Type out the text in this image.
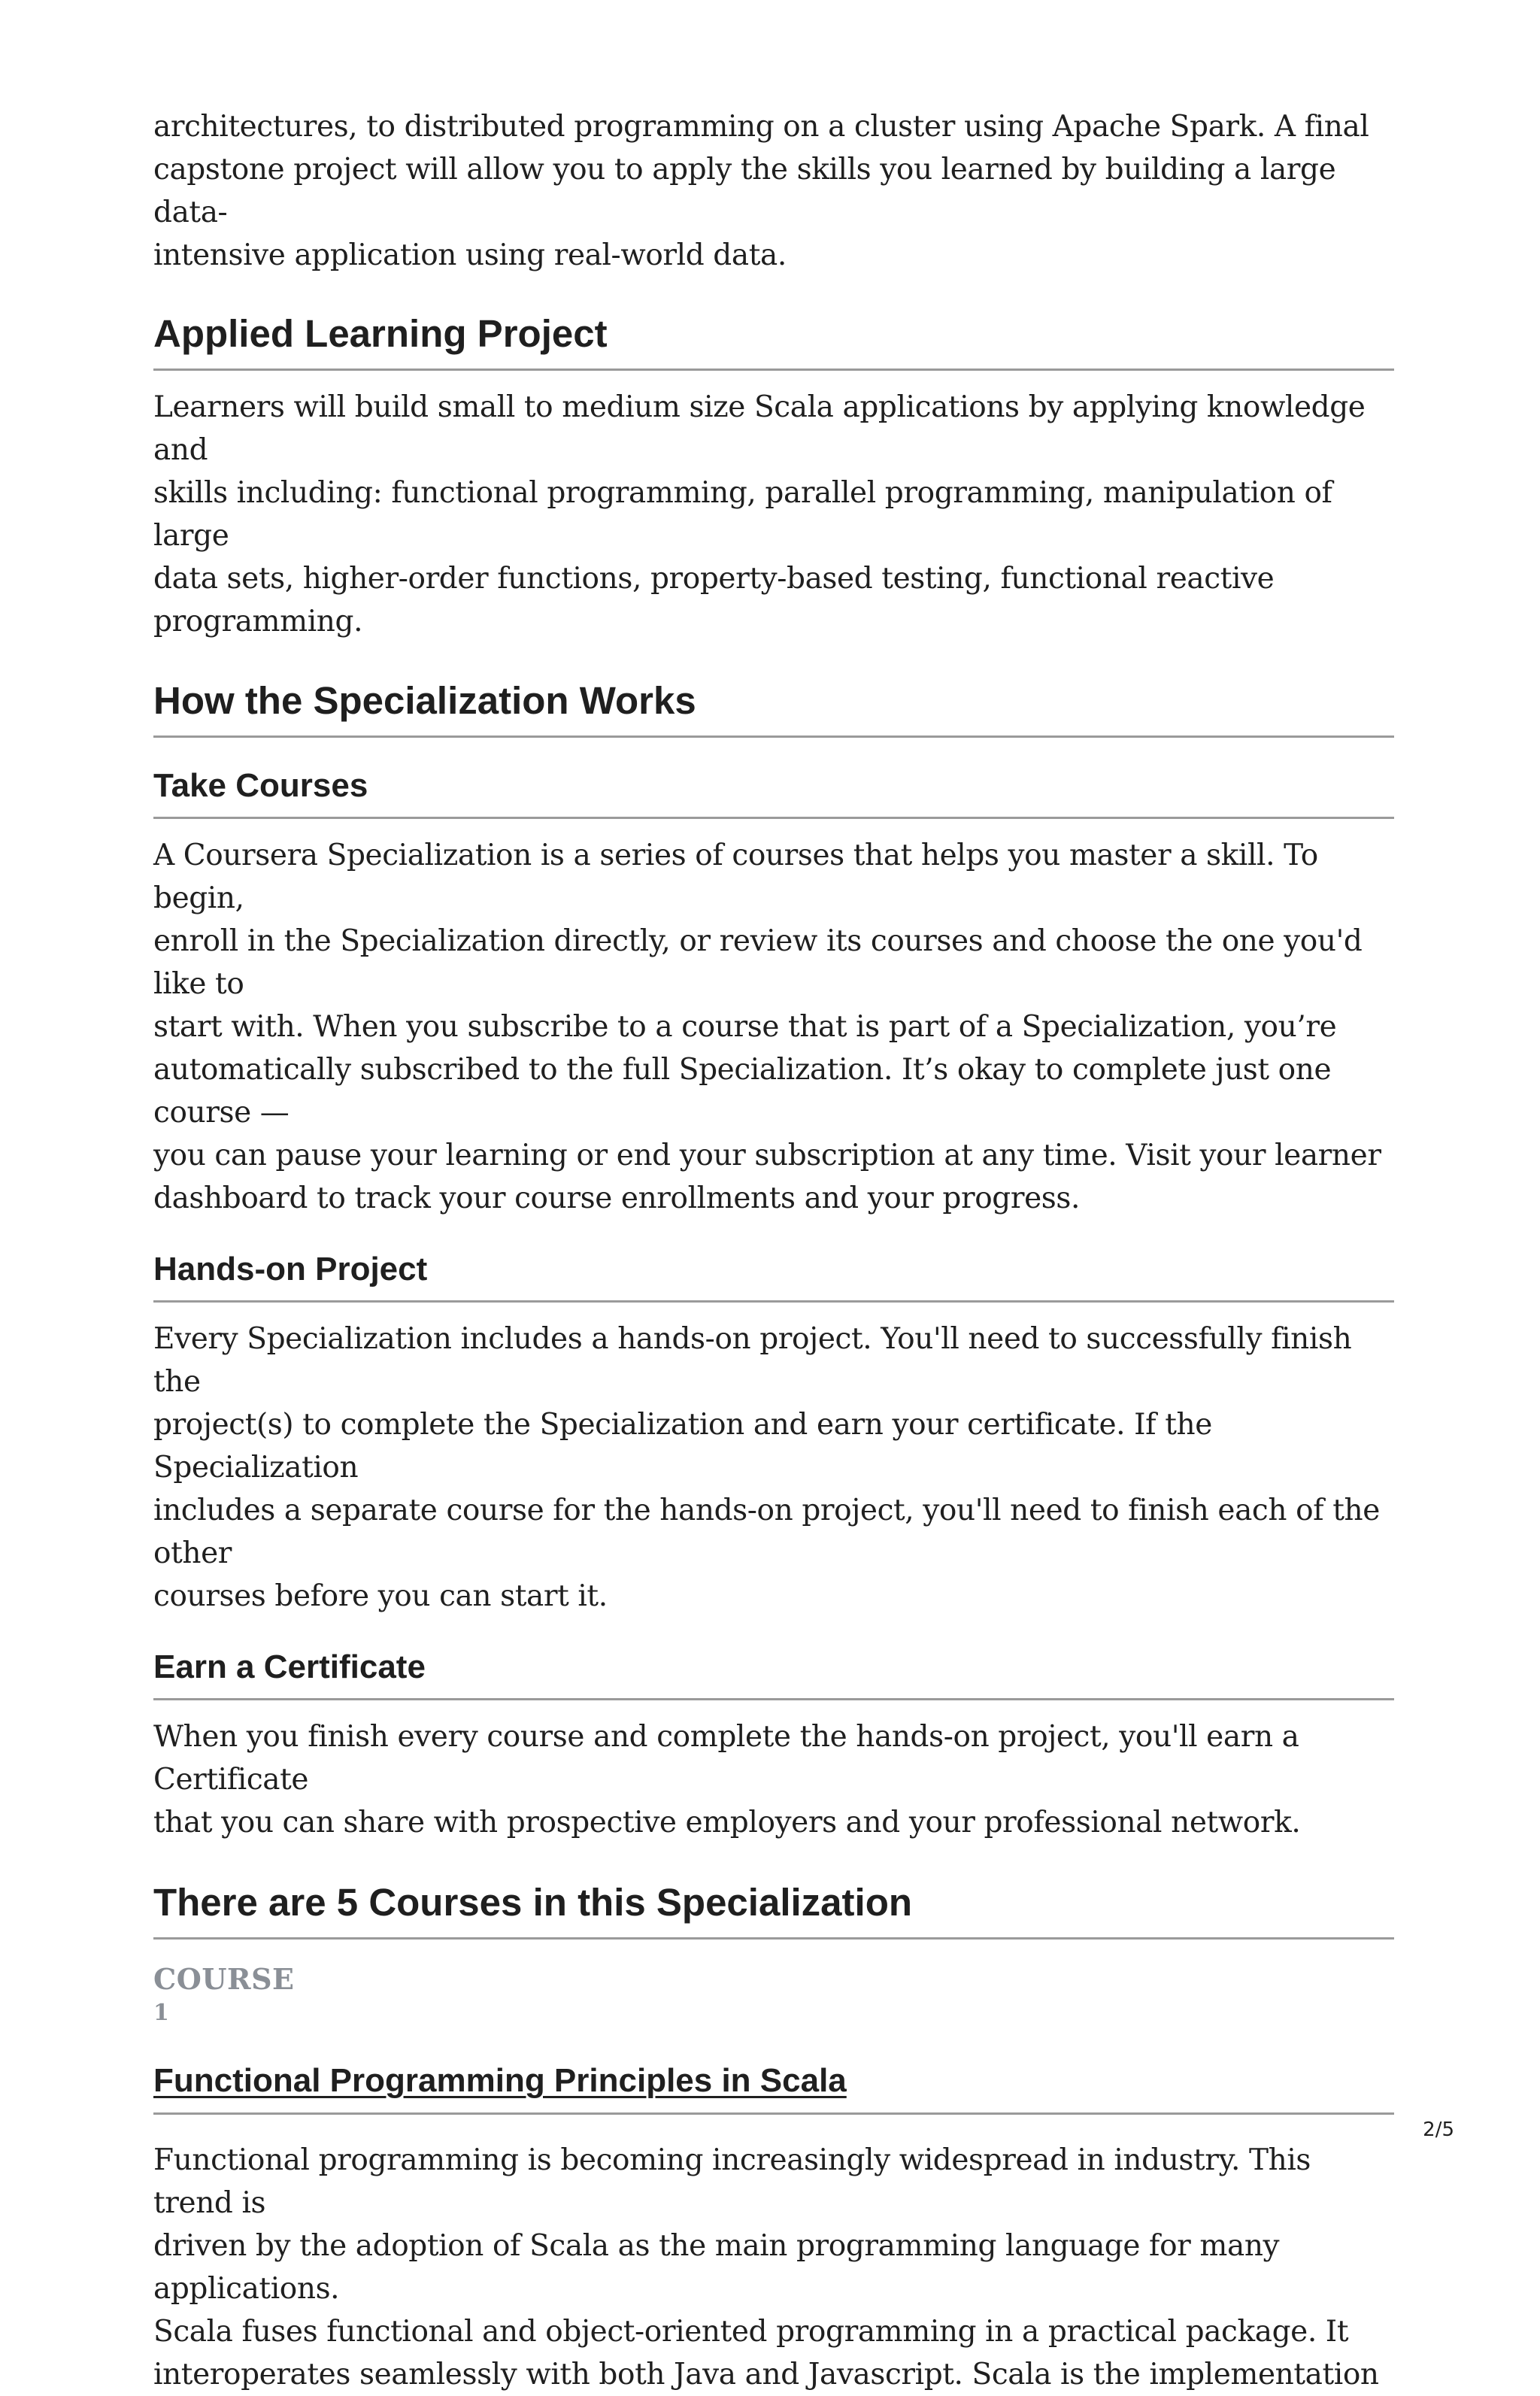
architectures, to distributed programming on a cluster using Apache Spark. A final

capstone project will allow you to apply the skills you learned by building a large data-

intensive application using real-world data.

Applied Learning Project

Learners will build small to medium size Scala applications by applying knowledge and

skills including: functional programming, parallel programming, manipulation of large

data sets, higher-order functions, property-based testing, functional reactive

programming.

How the Specialization Works
Take Courses

A Coursera Specialization is a series of courses that helps you master a skill. To begin,

enroll in the Specialization directly, or review its courses and choose the one you'd like to

start with. When you subscribe to a course that is part of a Specialization, you’re

automatically subscribed to the full Specialization. It’s okay to complete just one course —

you can pause your learning or end your subscription at any time. Visit your learner

dashboard to track your course enrollments and your progress.

Hands-on Project

Every Specialization includes a hands-on project. You'll need to successfully finish the

project(s) to complete the Specialization and earn your certificate. If the Specialization

includes a separate course for the hands-on project, you'll need to finish each of the other

courses before you can start it.

Earn a Certificate

When you finish every course and complete the hands-on project, you'll earn a Certificate

that you can share with prospective employers and your professional network.

There are 5 Courses in this Specialization

COURSE

1

Functional Programming Principles in Scala

Functional programming is becoming increasingly widespread in industry. This trend is

driven by the adoption of Scala as the main programming language for many applications.

Scala fuses functional and object-oriented programming in a practical package. It

interoperates seamlessly with both Java and Javascript. Scala is the implementation

2/5
